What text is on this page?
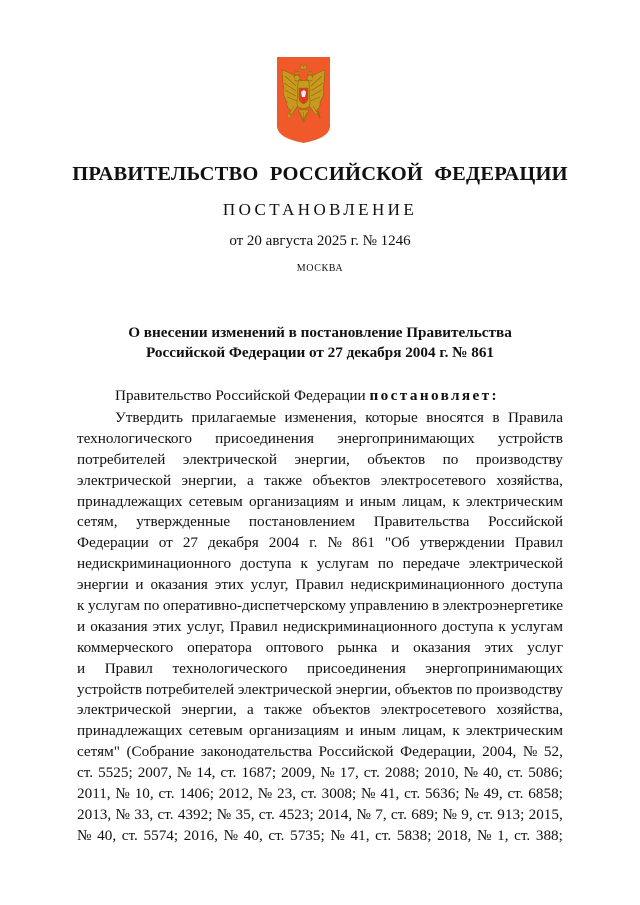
ПРАВИТЕЛЬСТВО РОССИЙСКОЙ ФЕДЕРАЦИИ
ПОСТАНОВЛЕНИЕ
от 20 августа 2025 г. № 1246
МОСКВА
О внесении изменений в постановление Правительства
Российской Федерации от 27 декабря 2004 г. № 861
Правительство Российской Федерации постановляет:
Утвердить прилагаемые изменения, которые вносятся в Правила
технологического присоединения энергопринимающих устройств
потребителей электрической энергии, объектов по производству
электрической энергии, а также объектов электросетевого хозяйства,
принадлежащих сетевым организациям и иным лицам, к электрическим
сетям, утвержденные постановлением Правительства Российской
Федерации от 27 декабря 2004 г. № 861 "Об утверждении Правил
недискриминационного доступа к услугам по передаче электрической
энергии и оказания этих услуг, Правил недискриминационного доступа
к услугам по оперативно-диспетчерскому управлению в электроэнергетике
и оказания этих услуг, Правил недискриминационного доступа к услугам
коммерческого оператора оптового рынка и оказания этих услуг
и Правил технологического присоединения энергопринимающих
устройств потребителей электрической энергии, объектов по производству
электрической энергии, а также объектов электросетевого хозяйства,
принадлежащих сетевым организациям и иным лицам, к электрическим
сетям" (Собрание законодательства Российской Федерации, 2004, № 52,
ст. 5525; 2007, № 14, ст. 1687; 2009, № 17, ст. 2088; 2010, № 40, ст. 5086;
2011, № 10, ст. 1406; 2012, № 23, ст. 3008; № 41, ст. 5636; № 49, ст. 6858;
2013, № 33, ст. 4392; № 35, ст. 4523; 2014, № 7, ст. 689; № 9, ст. 913; 2015,
№ 40, ст. 5574; 2016, № 40, ст. 5735; № 41, ст. 5838; 2018, № 1, ст. 388;
